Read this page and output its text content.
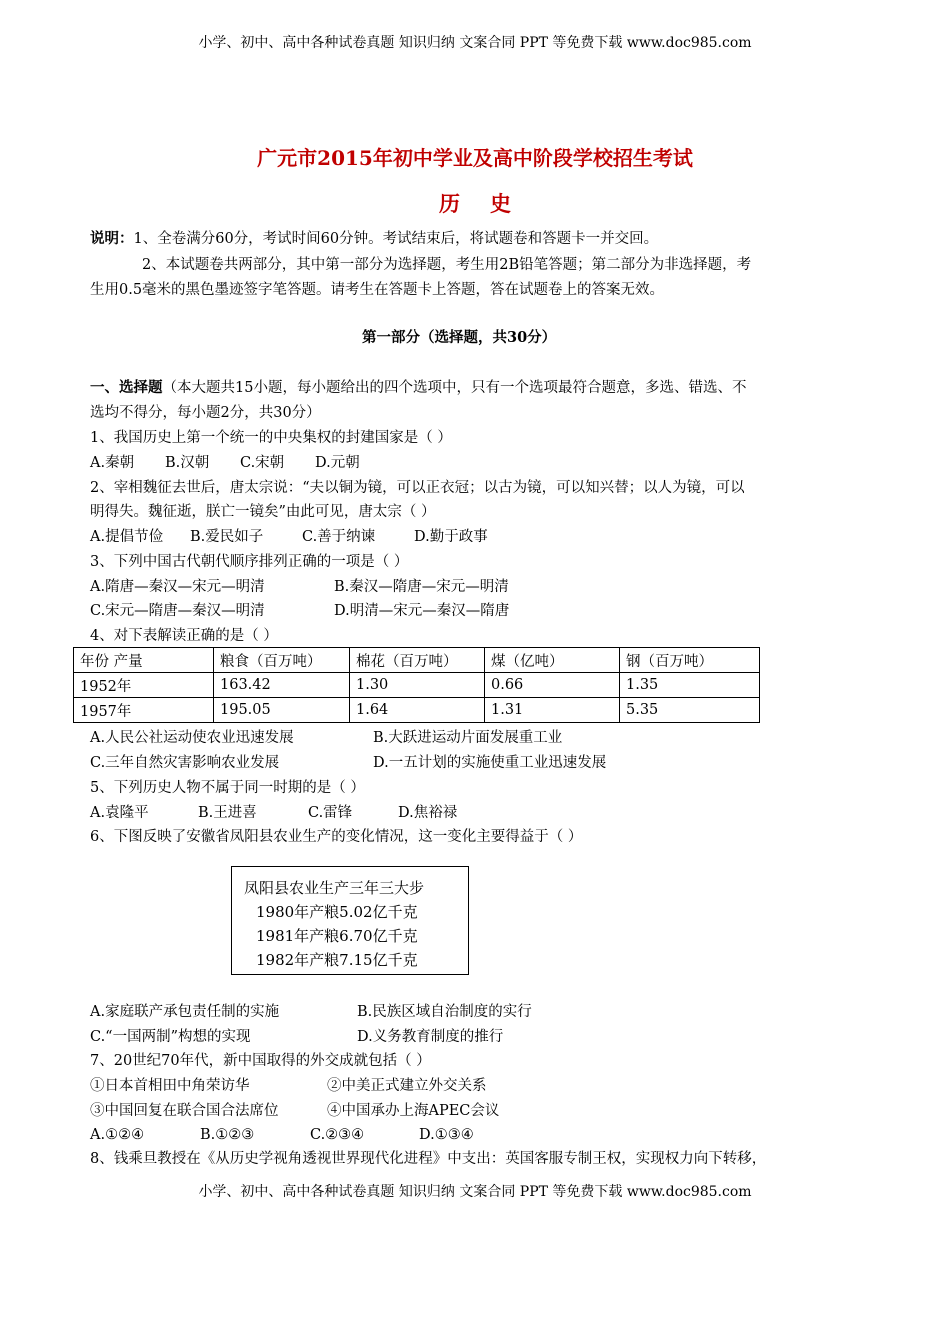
小学、初中、高中各种试卷真题 知识归纳 文案合同 PPT 等免费下载 www.doc985.com
广元市2015年初中学业及高中阶段学校招生考试
历史
说明：1、全卷满分60分，考试时间60分钟。考试结束后，将试题卷和答题卡一并交回。
2、本试题卷共两部分，其中第一部分为选择题，考生用2B铅笔答题；第二部分为非选择题，考
生用0.5毫米的黑色墨迹签字笔答题。请考生在答题卡上答题，答在试题卷上的答案无效。
第一部分（选择题，共30分）
一、选择题（本大题共15小题，每小题给出的四个选项中，只有一个选项最符合题意，多选、错选、不
选均不得分，每小题2分，共30分）
1、我国历史上第一个统一的中央集权的封建国家是（ ）
A.秦朝 B.汉朝 C.宋朝 D.元朝
2、宰相魏征去世后，唐太宗说：“夫以铜为镜，可以正衣冠；以古为镜，可以知兴替；以人为镜，可以
明得失。魏征逝，朕亡一镜矣”由此可见，唐太宗（ ）
A.提倡节俭 B.爱民如子	C.善于纳谏	D.勤于政事
3、下列中国古代朝代顺序排列正确的一项是（ ）
A.隋唐—秦汉—宋元—明清	B.秦汉—隋唐—宋元—明清
C.宋元—隋唐—秦汉—明清	D.明清—宋元—秦汉—隋唐
4、对下表解读正确的是（ ）
年份 产量	粮食（百万吨）	棉花（百万吨）	煤（亿吨）	钢（百万吨）
1952年	163.42	1.30	0.66	1.35
1957年	195.05	1.64	1.31	5.35
A.人民公社运动使农业迅速发展	B.大跃进运动片面发展重工业
C.三年自然灾害影响农业发展	D.一五计划的实施使重工业迅速发展
5、下列历史人物不属于同一时期的是（ ）
A.袁隆平	B.王进喜	C.雷锋	D.焦裕禄
6、下图反映了安徽省凤阳县农业生产的变化情况，这一变化主要得益于（ ）
凤阳县农业生产三年三大步
1980年产粮5.02亿千克
1981年产粮6.70亿千克
1982年产粮7.15亿千克
A.家庭联产承包责任制的实施	B.民族区域自治制度的实行
C.“一国两制”构想的实现	D.义务教育制度的推行
7、20世纪70年代，新中国取得的外交成就包括（ ）
①日本首相田中角荣访华	②中美正式建立外交关系
③中国回复在联合国合法席位	④中国承办上海APEC会议
A.①②④	B.①②③	C.②③④	D.①③④
8、钱乘旦教授在《从历史学视角透视世界现代化进程》中支出：英国客服专制王权，实现权力向下转移，
小学、初中、高中各种试卷真题 知识归纳 文案合同 PPT 等免费下载 www.doc985.com
